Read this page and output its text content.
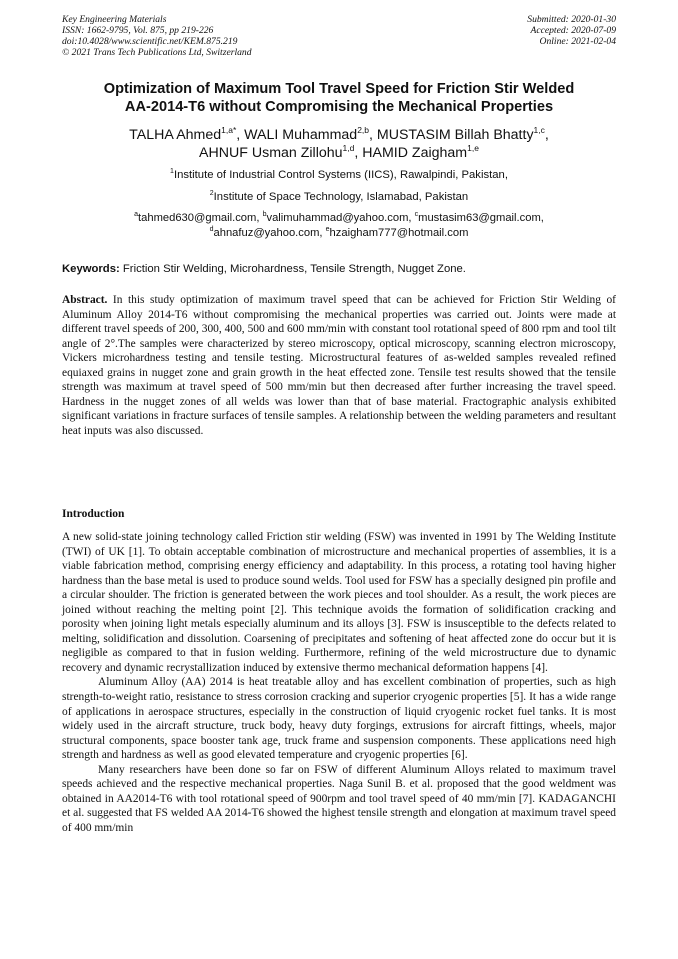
Key Engineering Materials
ISSN: 1662-9795, Vol. 875, pp 219-226
doi:10.4028/www.scientific.net/KEM.875.219
© 2021 Trans Tech Publications Ltd, Switzerland
Submitted: 2020-01-30
Accepted: 2020-07-09
Online: 2021-02-04
Optimization of Maximum Tool Travel Speed for Friction Stir Welded
AA-2014-T6 without Compromising the Mechanical Properties
TALHA Ahmed$^{1,a*}$, WALI Muhammad$^{2,b}$, MUSTASIM Billah Bhatty$^{1,c}$,
AHNUF Usman Zillohu$^{1,d}$, HAMID Zaigham$^{1,e}$
$^1$Institute of Industrial Control Systems (IICS), Rawalpindi, Pakistan,
$^2$Institute of Space Technology, Islamabad, Pakistan
$^a$tahmed630@gmail.com, $^b$valimuhammad@yahoo.com, $^c$mustasim63@gmail.com,
$^d$ahnafuz@yahoo.com, $^e$hzaigham777@hotmail.com
Keywords: Friction Stir Welding, Microhardness, Tensile Strength, Nugget Zone.
Abstract. In this study optimization of maximum travel speed that can be achieved for Friction Stir Welding of Aluminum Alloy 2014-T6 without compromising the mechanical properties was carried out. Joints were made at different travel speeds of 200, 300, 400, 500 and 600 mm/min with constant tool rotational speed of 800 rpm and tool tilt angle of 2°.The samples were characterized by stereo microscopy, optical microscopy, scanning electron microscopy, Vickers microhardness testing and tensile testing. Microstructural features of as-welded samples revealed refined equiaxed grains in nugget zone and grain growth in the heat effected zone. Tensile test results showed that the tensile strength was maximum at travel speed of 500 mm/min but then decreased after further increasing the travel speed. Hardness in the nugget zones of all welds was lower than that of base material. Fractographic analysis exhibited significant variations in fracture surfaces of tensile samples. A relationship between the welding parameters and resultant heat inputs was also discussed.
Introduction

A new solid-state joining technology called Friction stir welding (FSW) was invented in 1991 by The Welding Institute (TWI) of UK [1]. To obtain acceptable combination of microstructure and mechanical properties of assemblies, it is a viable fabrication method, comprising energy efficiency and adaptability. In this process, a rotating tool having higher hardness than the base metal is used to produce sound welds. Tool used for FSW has a specially designed pin profile and a circular shoulder. The friction is generated between the work pieces and tool shoulder. As a result, the work pieces are joined without reaching the melting point [2]. This technique avoids the formation of solidification cracking and porosity when joining light metals especially aluminum and its alloys [3]. FSW is insusceptible to the defects related to melting, solidification and dissolution. Coarsening of precipitates and softening of heat affected zone do occur but it is negligible as compared to that in fusion welding. Furthermore, refining of the weld microstructure due to dynamic recovery and dynamic recrystallization induced by extensive thermo mechanical deformation happens [4].

Aluminum Alloy (AA) 2014 is heat treatable alloy and has excellent combination of properties, such as high strength-to-weight ratio, resistance to stress corrosion cracking and superior cryogenic properties [5]. It has a wide range of applications in aerospace structures, especially in the construction of liquid cryogenic rocket fuel tanks. It is most widely used in the aircraft structure, truck body, heavy duty forgings, extrusions for aircraft fittings, wheels, major structural components, space booster tank age, truck frame and suspension components. These applications need high strength and hardness as well as good elevated temperature and cryogenic properties [6].

Many researchers have been done so far on FSW of different Aluminum Alloys related to maximum travel speeds achieved and the respective mechanical properties. Naga Sunil B. et al. proposed that the good weldment was obtained in AA2014-T6 with tool rotational speed of 900rpm and tool travel speed of 40 mm/min [7]. KADAGANCHI et al. suggested that FS welded AA 2014-T6 showed the highest tensile strength and elongation at maximum travel speed of 400 mm/min
